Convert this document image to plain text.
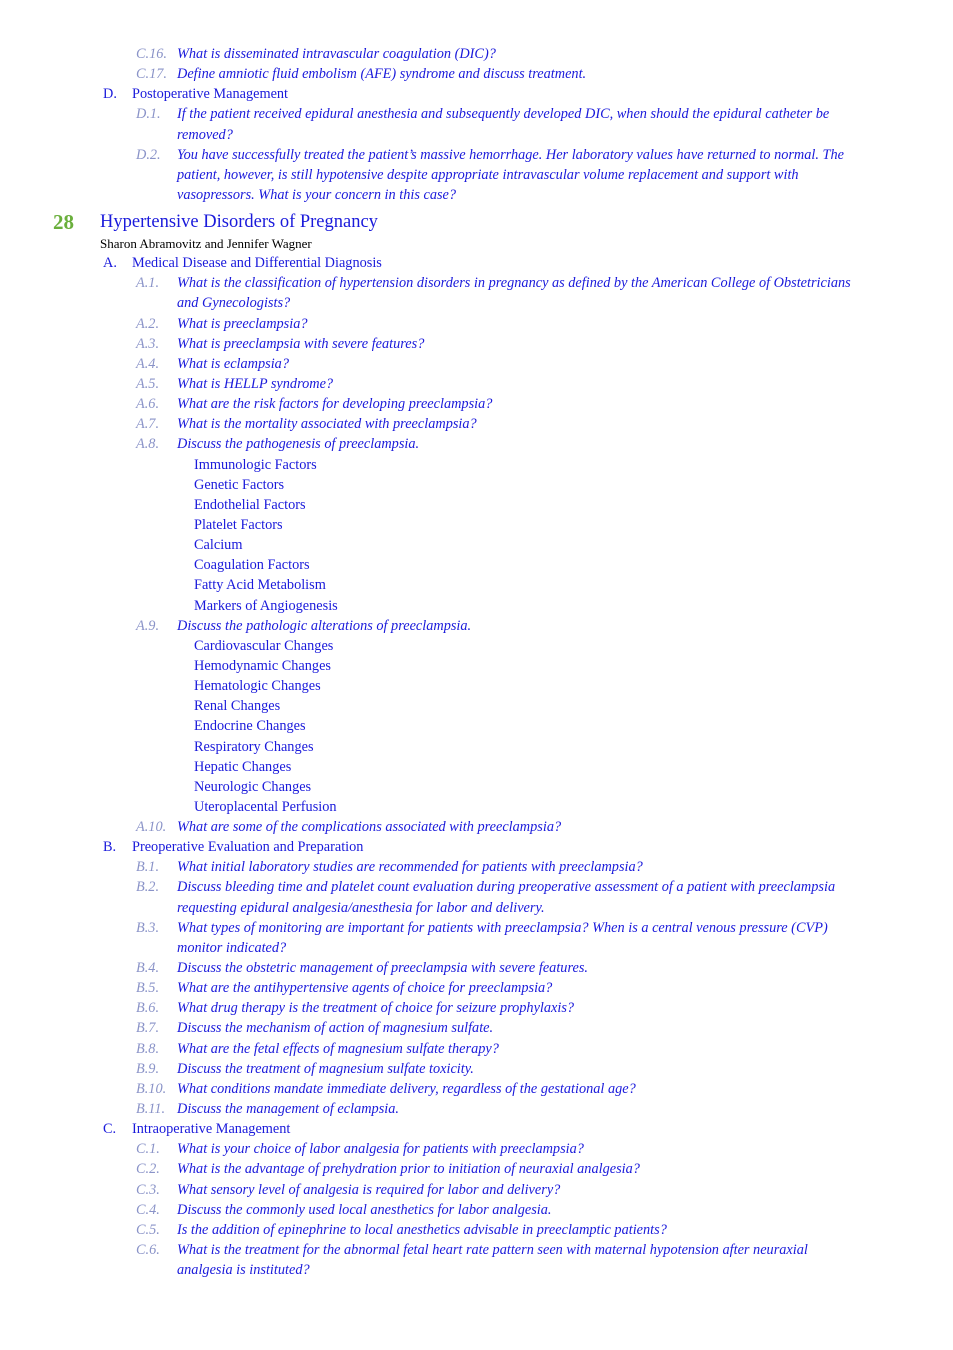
C.16. What is disseminated intravascular coagulation (DIC)?
C.17. Define amniotic fluid embolism (AFE) syndrome and discuss treatment.
D. Postoperative Management
D.1. If the patient received epidural anesthesia and subsequently developed DIC, when should the epidural catheter be
removed?
D.2. You have successfully treated the patient’s massive hemorrhage. Her laboratory values have returned to normal. The
patient, however, is still hypotensive despite appropriate intravascular volume replacement and support with
vasopressors. What is your concern in this case?
28 Hypertensive Disorders of Pregnancy
Sharon Abramovitz and Jennifer Wagner
A. Medical Disease and Differential Diagnosis
A.1. What is the classification of hypertension disorders in pregnancy as defined by the American College of Obstetricians
and Gynecologists?
A.2. What is preeclampsia?
A.3. What is preeclampsia with severe features?
A.4. What is eclampsia?
A.5. What is HELLP syndrome?
A.6. What are the risk factors for developing preeclampsia?
A.7. What is the mortality associated with preeclampsia?
A.8. Discuss the pathogenesis of preeclampsia.
Immunologic Factors
Genetic Factors
Endothelial Factors
Platelet Factors
Calcium
Coagulation Factors
Fatty Acid Metabolism
Markers of Angiogenesis
A.9. Discuss the pathologic alterations of preeclampsia.
Cardiovascular Changes
Hemodynamic Changes
Hematologic Changes
Renal Changes
Endocrine Changes
Respiratory Changes
Hepatic Changes
Neurologic Changes
Uteroplacental Perfusion
A.10. What are some of the complications associated with preeclampsia?
B. Preoperative Evaluation and Preparation
B.1. What initial laboratory studies are recommended for patients with preeclampsia?
B.2. Discuss bleeding time and platelet count evaluation during preoperative assessment of a patient with preeclampsia
requesting epidural analgesia/anesthesia for labor and delivery.
B.3. What types of monitoring are important for patients with preeclampsia? When is a central venous pressure (CVP)
monitor indicated?
B.4. Discuss the obstetric management of preeclampsia with severe features.
B.5. What are the antihypertensive agents of choice for preeclampsia?
B.6. What drug therapy is the treatment of choice for seizure prophylaxis?
B.7. Discuss the mechanism of action of magnesium sulfate.
B.8. What are the fetal effects of magnesium sulfate therapy?
B.9. Discuss the treatment of magnesium sulfate toxicity.
B.10. What conditions mandate immediate delivery, regardless of the gestational age?
B.11. Discuss the management of eclampsia.
C. Intraoperative Management
C.1. What is your choice of labor analgesia for patients with preeclampsia?
C.2. What is the advantage of prehydration prior to initiation of neuraxial analgesia?
C.3. What sensory level of analgesia is required for labor and delivery?
C.4. Discuss the commonly used local anesthetics for labor analgesia.
C.5. Is the addition of epinephrine to local anesthetics advisable in preeclamptic patients?
C.6. What is the treatment for the abnormal fetal heart rate pattern seen with maternal hypotension after neuraxial
analgesia is instituted?
